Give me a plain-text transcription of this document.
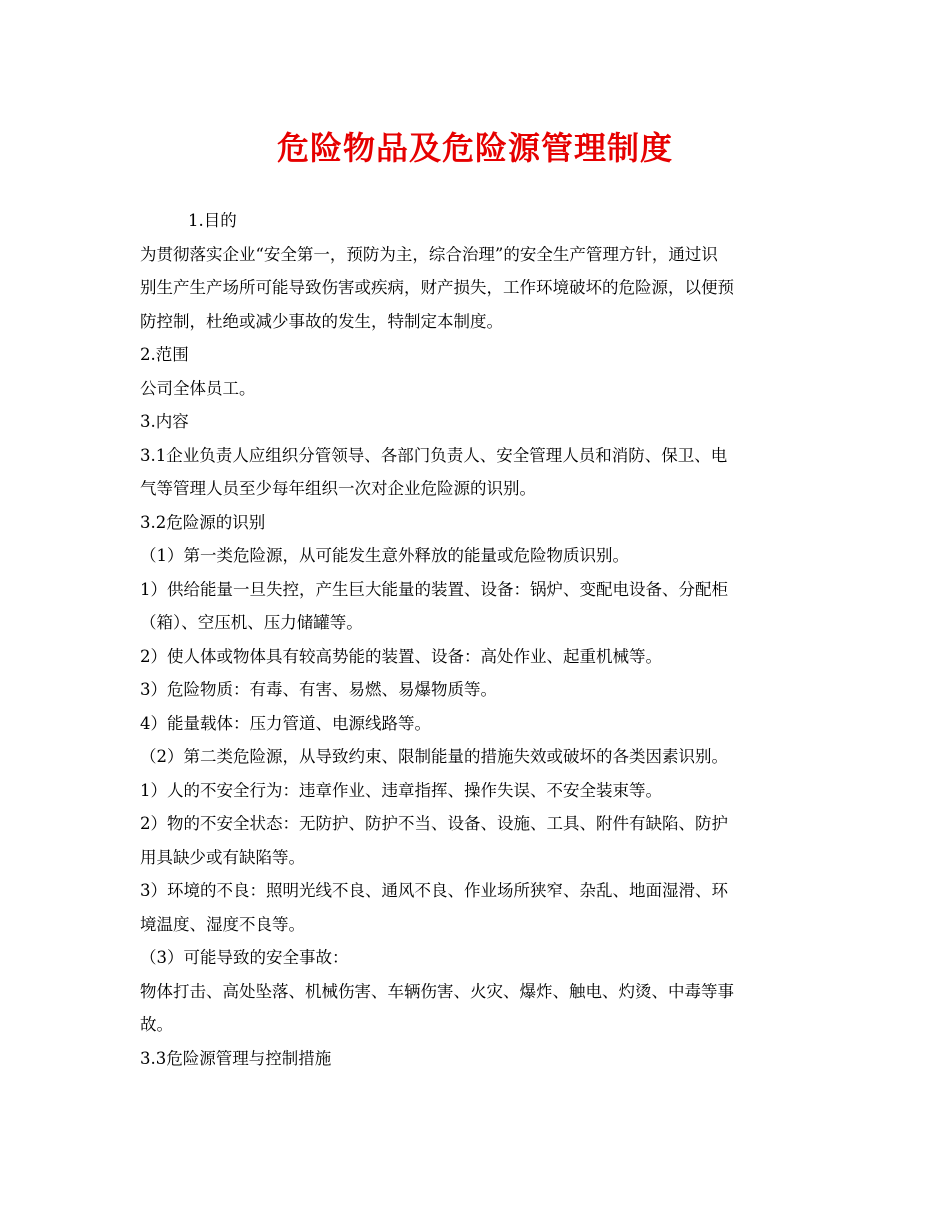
危险物品及危险源管理制度
1.目的
为贯彻落实企业“安全第一，预防为主，综合治理”的安全生产管理方针，通过识
别生产生产场所可能导致伤害或疾病，财产损失，工作环境破坏的危险源，以便预
防控制，杜绝或减少事故的发生，特制定本制度。
2.范围
公司全体员工。
3.内容
3.1企业负责人应组织分管领导、各部门负责人、安全管理人员和消防、保卫、电
气等管理人员至少每年组织一次对企业危险源的识别。
3.2危险源的识别
（1）第一类危险源，从可能发生意外释放的能量或危险物质识别。
1）供给能量一旦失控，产生巨大能量的装置、设备：锅炉、变配电设备、分配柜
（箱）、空压机、压力储罐等。
2）使人体或物体具有较高势能的装置、设备：高处作业、起重机械等。
3）危险物质：有毒、有害、易燃、易爆物质等。
4）能量载体：压力管道、电源线路等。
（2）第二类危险源，从导致约束、限制能量的措施失效或破坏的各类因素识别。
1）人的不安全行为：违章作业、违章指挥、操作失误、不安全装束等。
2）物的不安全状态：无防护、防护不当、设备、设施、工具、附件有缺陷、防护
用具缺少或有缺陷等。
3）环境的不良：照明光线不良、通风不良、作业场所狭窄、杂乱、地面湿滑、环
境温度、湿度不良等。
（3）可能导致的安全事故：
物体打击、高处坠落、机械伤害、车辆伤害、火灾、爆炸、触电、灼烫、中毒等事
故。
3.3危险源管理与控制措施
